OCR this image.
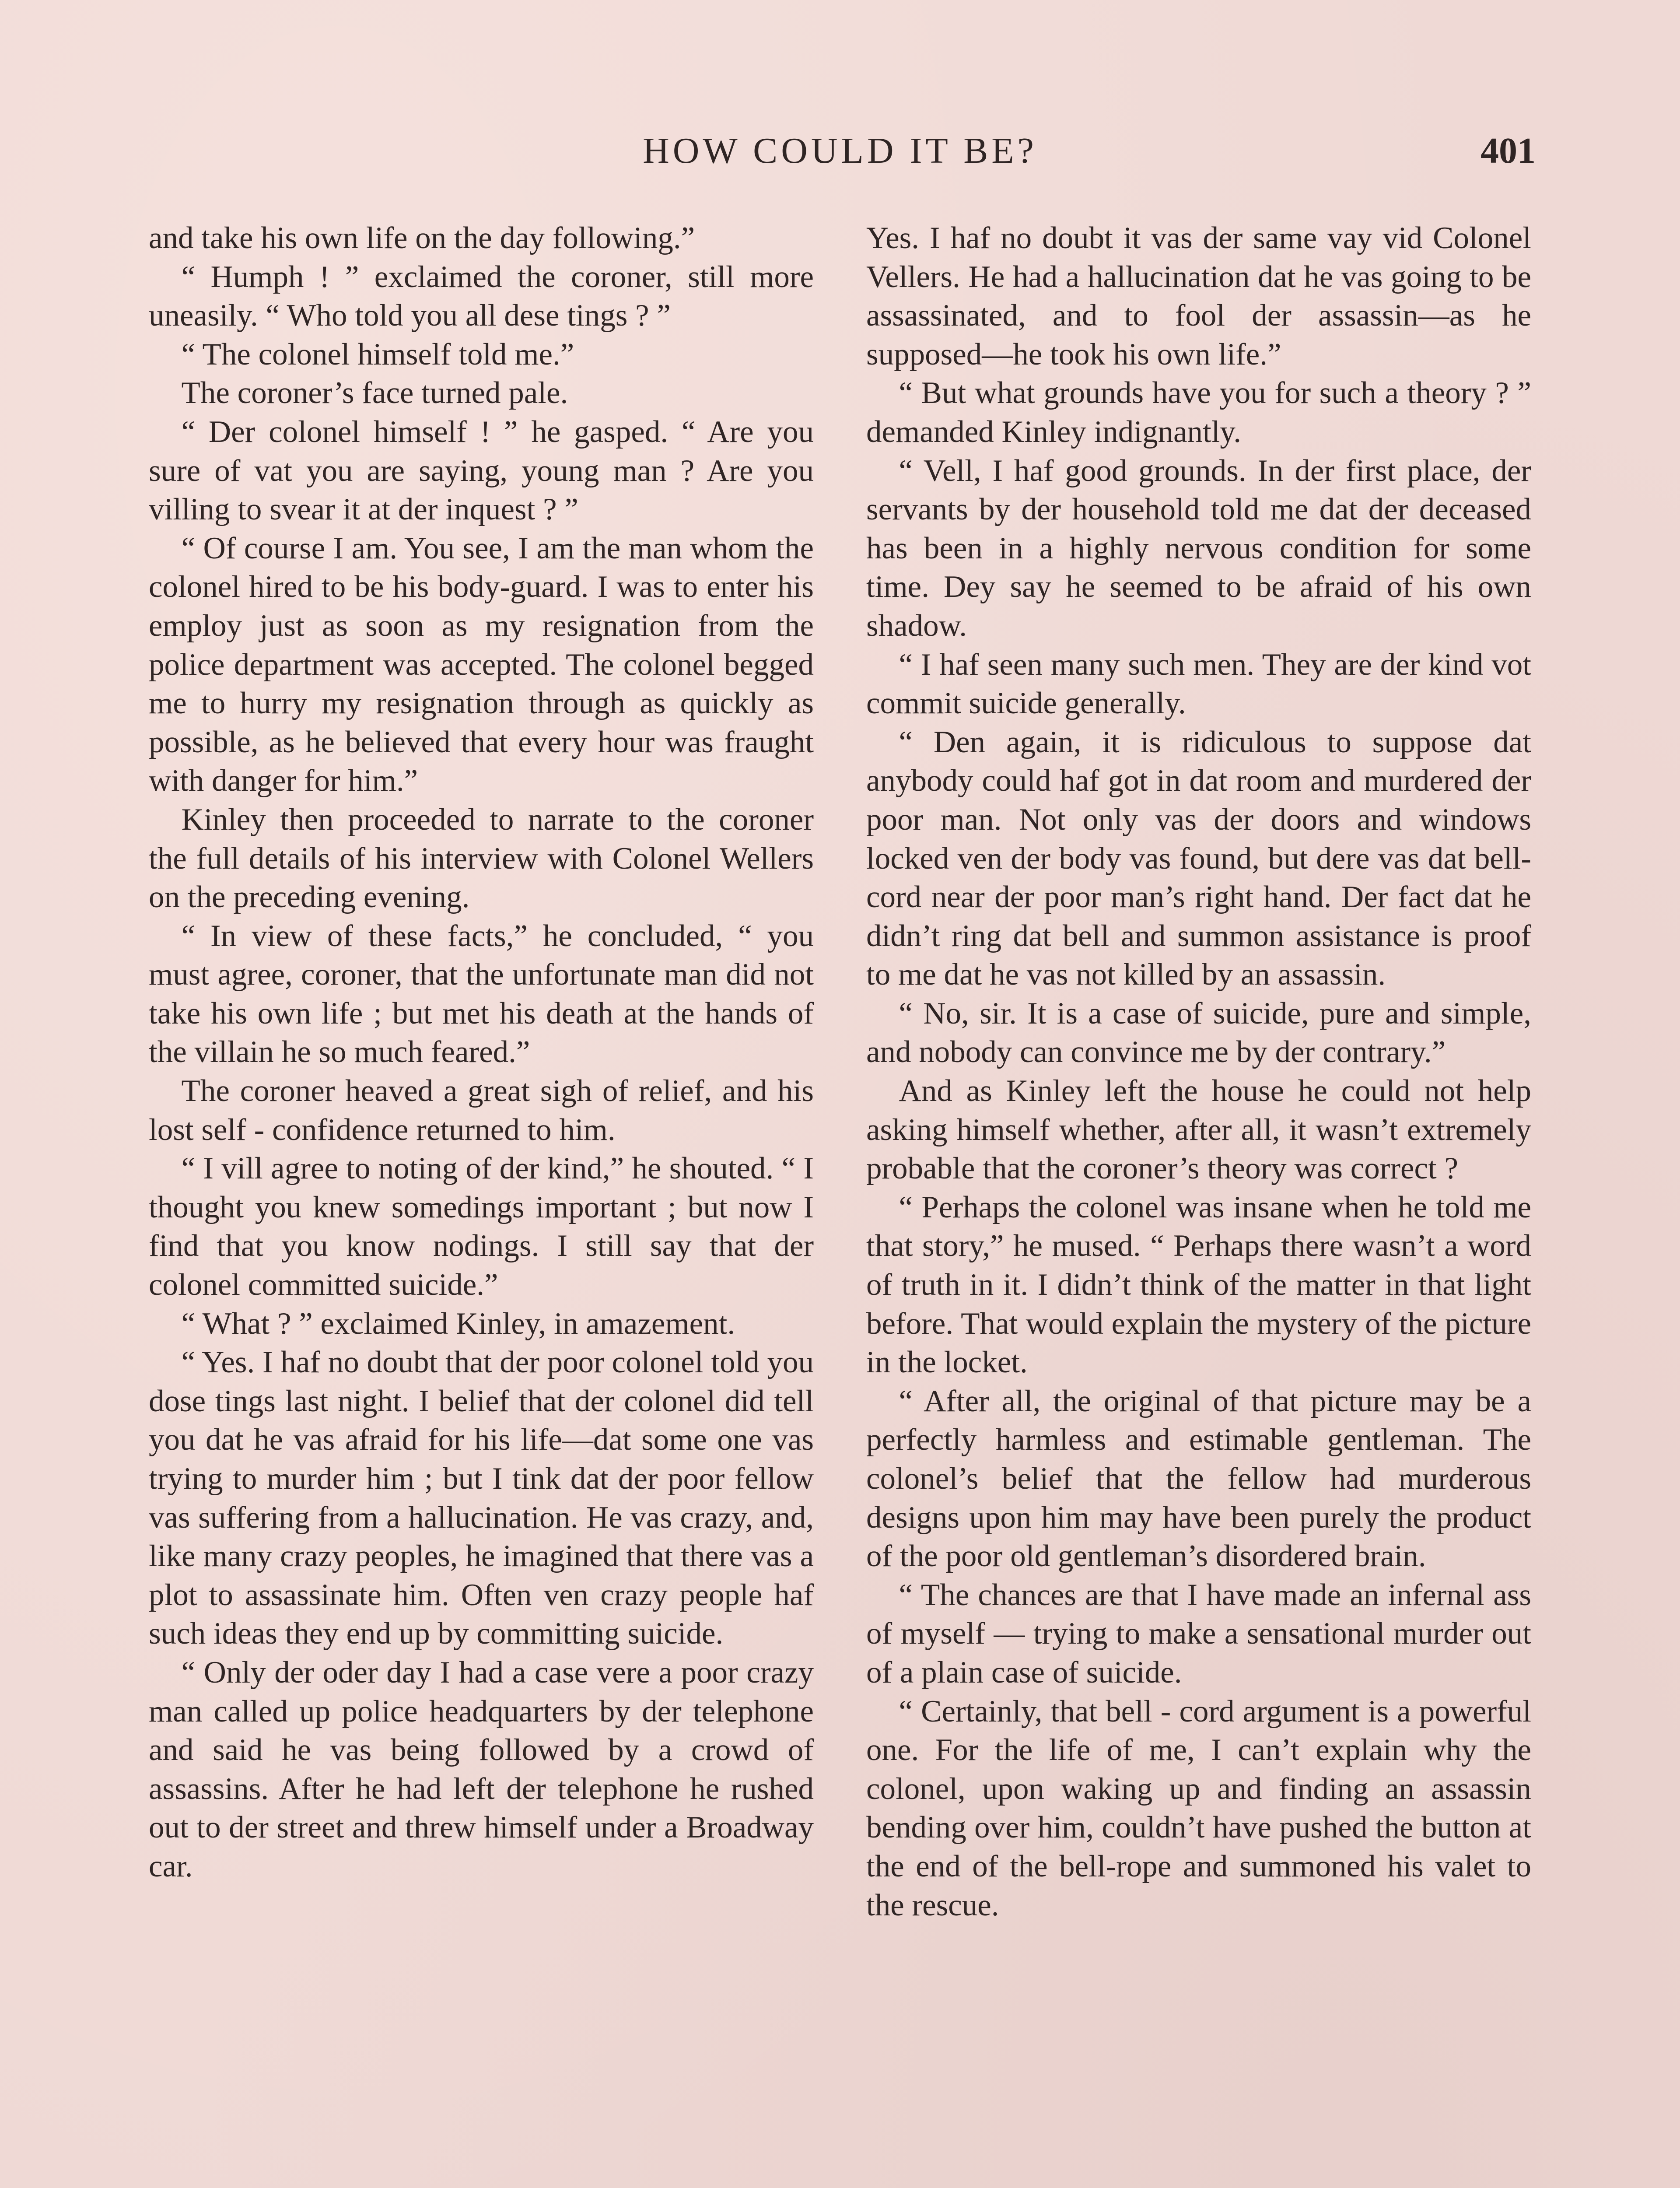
HOW COULD IT BE?	401

and take his own life on the day following.”

“ Humph ! ” exclaimed the coroner, still more uneasily. “ Who told you all dese tings ? ”

“ The colonel himself told me.”

The coroner’s face turned pale.

“ Der colonel himself ! ” he gasped. “ Are you sure of vat you are saying, young man ? Are you villing to svear it at der inquest ? ”

“ Of course I am. You see, I am the man whom the colonel hired to be his body-guard. I was to enter his employ just as soon as my resignation from the police department was accepted. The colonel begged me to hurry my resignation through as quickly as possible, as he believed that every hour was fraught with danger for him.”

Kinley then proceeded to narrate to the coroner the full details of his interview with Colonel Wellers on the preceding evening.

“ In view of these facts,” he concluded, “ you must agree, coroner, that the unfortunate man did not take his own life ; but met his death at the hands of the villain he so much feared.”

The coroner heaved a great sigh of relief, and his lost self - confidence returned to him.

“ I vill agree to noting of der kind,” he shouted. “ I thought you knew somedings important ; but now I find that you know nodings. I still say that der colonel committed suicide.”

“ What ? ” exclaimed Kinley, in amazement.

“ Yes. I haf no doubt that der poor colonel told you dose tings last night. I belief that der colonel did tell you dat he vas afraid for his life—dat some one vas trying to murder him ; but I tink dat der poor fellow vas suffering from a hallucination. He vas crazy, and, like many crazy peoples, he imagined that there vas a plot to assassinate him. Often ven crazy people haf such ideas they end up by committing suicide.

“ Only der oder day I had a case vere a poor crazy man called up police headquarters by der telephone and said he vas being followed by a crowd of assassins. After he had left der telephone he rushed out to der street and threw himself under a Broadway car.

Yes. I haf no doubt it vas der same vay vid Colonel Vellers. He had a hallucination dat he vas going to be assassinated, and to fool der assassin—as he supposed—he took his own life.”

“ But what grounds have you for such a theory ? ” demanded Kinley indignantly.

“ Vell, I haf good grounds. In der first place, der servants by der household told me dat der deceased has been in a highly nervous condition for some time. Dey say he seemed to be afraid of his own shadow.

“ I haf seen many such men. They are der kind vot commit suicide generally.

“ Den again, it is ridiculous to suppose dat anybody could haf got in dat room and murdered der poor man. Not only vas der doors and windows locked ven der body vas found, but dere vas dat bell-cord near der poor man’s right hand. Der fact dat he didn’t ring dat bell and summon assistance is proof to me dat he vas not killed by an assassin.

“ No, sir. It is a case of suicide, pure and simple, and nobody can convince me by der contrary.”

And as Kinley left the house he could not help asking himself whether, after all, it wasn’t extremely probable that the coroner’s theory was correct ?

“ Perhaps the colonel was insane when he told me that story,” he mused. “ Perhaps there wasn’t a word of truth in it. I didn’t think of the matter in that light before. That would explain the mystery of the picture in the locket.

“ After all, the original of that picture may be a perfectly harmless and estimable gentleman. The colonel’s belief that the fellow had murderous designs upon him may have been purely the product of the poor old gentleman’s disordered brain.

“ The chances are that I have made an infernal ass of myself — trying to make a sensational murder out of a plain case of suicide.

“ Certainly, that bell - cord argument is a powerful one. For the life of me, I can’t explain why the colonel, upon waking up and finding an assassin bending over him, couldn’t have pushed the button at the end of the bell-rope and summoned his valet to the rescue.
